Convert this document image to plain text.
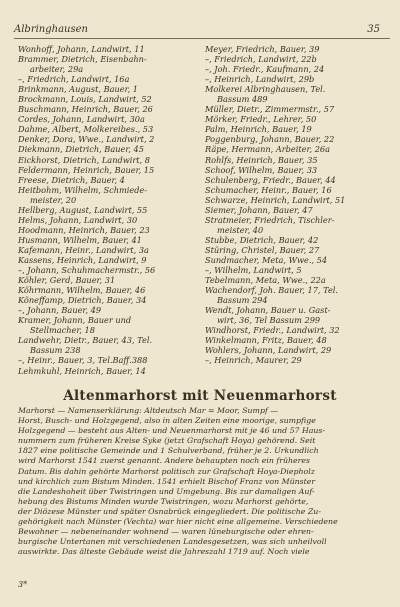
Albringhausen	35
Wonhoff, Johann, Landwirt, 11
Brammer, Dietrich, Eisenbahn-
arbeiter, 29a
–, Friedrich, Landwirt, 16a
Brinkmann, August, Bauer, 1
Brockmann, Louis, Landwirt, 52
Buschmann, Heinrich, Bauer, 26
Cordes, Johann, Landwirt, 30a
Dahme, Albert, Molkereibes., 53
Denker, Dora, Wwe., Landwirt, 2
Diekmann, Dietrich, Bauer, 45
Eickhorst, Dietrich, Landwirt, 8
Feldermann, Heinrich, Bauer, 15
Freese, Dietrich, Bauer, 4
Heitbohm, Wilhelm, Schmiede-
meister, 20
Hellberg, August, Landwirt, 55
Helms, Johann, Landwirt, 30
Hoodmann, Heinrich, Bauer, 23
Husmann, Wilhelm, Bauer, 41
Kafemann, Heinr., Landwirt, 3a
Kassens, Heinrich, Landwirt, 9
–, Johann, Schuhmachermstr., 56
Köhler, Gerd, Bauer, 31
Köhrmann, Wilhelm, Bauer, 46
Köneffamp, Dietrich, Bauer, 34
–, Johann, Bauer, 49
Kramer, Johann, Bauer und
Stellmacher, 18
Landwehr, Dietr., Bauer, 43, Tel.
Bassum 238
–, Heinr., Bauer, 3, Tel.Baff.388
Lehmkuhl, Heinrich, Bauer, 14
Meyer, Friedrich, Bauer, 39
–, Friedrich, Landwirt, 22b
–, Joh. Friedr., Kaufmann, 24
–, Heinrich, Landwirt, 29b
Molkerei Albringhausen, Tel.
Bassum 489
Müller, Dietr., Zimmermstr., 57
Mörker, Friedr., Lehrer, 50
Palm, Heinrich, Bauer, 19
Poggenburg, Johann, Bauer, 22
Räpe, Hermann, Arbeiter, 26a
Rohlfs, Heinrich, Bauer, 35
Schoof, Wilhelm, Bauer, 33
Schulenberg, Friedr., Bauer, 44
Schumacher, Heinr., Bauer, 16
Schwarze, Heinrich, Landwirt, 51
Siemer, Johann, Bauer, 47
Stratmeier, Friedrich, Tischler-
meister, 40
Stubbe, Dietrich, Bauer, 42
Stüring, Christel, Bauer, 27
Sundmacher, Meta, Wwe., 54
–, Wilhelm, Landwirt, 5
Tebelmann, Meta, Wwe., 22a
Wachendorf, Joh. Bauer, 17, Tel.
Bassum 294
Wendt, Johann, Bauer u. Gast-
wirt, 36, Tel Bassum 299
Windhorst, Friedr., Landwirt, 32
Winkelmann, Fritz, Bauer, 48
Wohlers, Johann, Landwirt, 29
–, Heinrich, Maurer, 29
Altenmarhorst mit Neuenmarhorst
Marhorst — Namenserklärung: Altdeutsch Mar = Moor, Sumpf —
Horst, Busch- und Holzgegend, also in alten Zeiten eine moorige, sumpfige
Holzgegend — besteht aus Alten- und Neuenmarhorst mit je 46 und 57 Haus-
nummern zum früheren Kreise Syke (jetzt Grafschaft Hoya) gehörend. Seit
1827 eine politische Gemeinde und 1 Schulverband, früher je 2. Urkundlich
wird Marhorst 1541 zuerst genannt. Andere behaupten noch ein früheres
Datum. Bis dahin gehörte Marhorst politisch zur Grafschaft Hoya-Diepholz
und kirchlich zum Bistum Minden. 1541 erhielt Bischof Franz von Münster
die Landeshoheit über Twistringen und Umgebung. Bis zur damaligen Auf-
hebung des Bistums Minden wurde Twistringen, wozu Marhorst gehörte,
der Diözese Münster und später Osnabrück eingegliedert. Die politische Zu-
gehörigkeit nach Münster (Vechta) war hier nicht eine allgemeine. Verschiedene
Bewohner — nebeneinander wohnend — waren lüneburgische oder ehren-
burgische Untertanen mit verschiedenen Landesgesetzen, was sich unheilvoll
auswirkte. Das älteste Gebäude weist die Jahreszahl 1719 auf. Noch viele
3*
